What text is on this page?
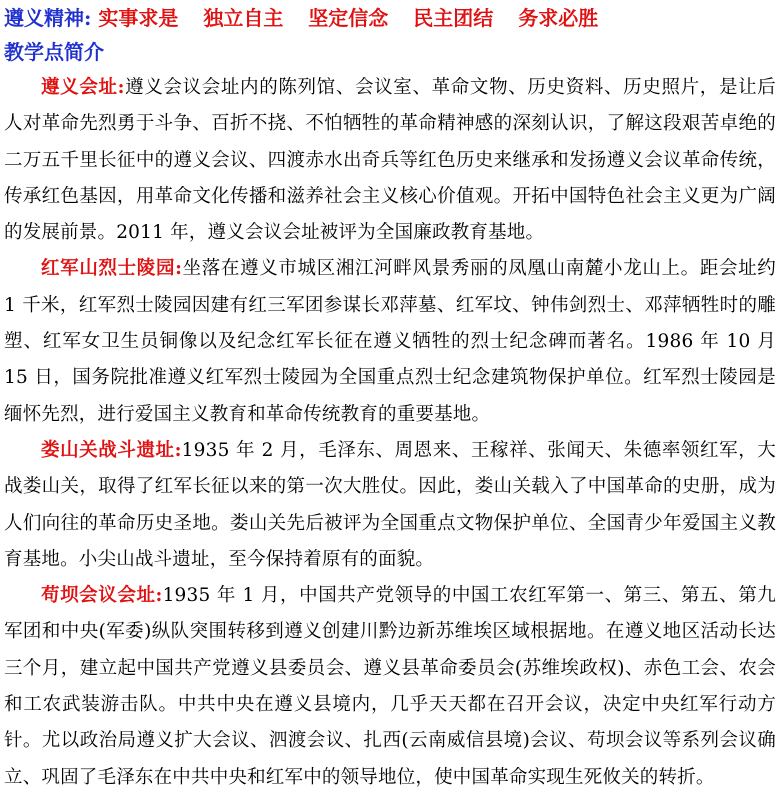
遵义精神: 实事求是 独立自主 坚定信念 民主团结 务求必胜
教学点简介

遵义会址:遵义会议会址内的陈列馆、会议室、革命文物、历史资料、历史照片，是让后人对革命先烈勇于斗争、百折不挠、不怕牺牲的革命精神感的深刻认识，了解这段艰苦卓绝的二万五千里长征中的遵义会议、四渡赤水出奇兵等红色历史来继承和发扬遵义会议革命传统，传承红色基因，用革命文化传播和滋养社会主义核心价值观。开拓中国特色社会主义更为广阔的发展前景。2011 年，遵义会议会址被评为全国廉政教育基地。

红军山烈士陵园:坐落在遵义市城区湘江河畔风景秀丽的凤凰山南麓小龙山上。距会址约 1 千米，红军烈士陵园因建有红三军团参谋长邓萍墓、红军坟、钟伟剑烈士、邓萍牺牲时的雕塑、红军女卫生员铜像以及纪念红军长征在遵义牺牲的烈士纪念碑而著名。1986 年 10 月 15 日，国务院批准遵义红军烈士陵园为全国重点烈士纪念建筑物保护单位。红军烈士陵园是缅怀先烈，进行爱国主义教育和革命传统教育的重要基地。

娄山关战斗遗址:1935 年 2 月，毛泽东、周恩来、王稼祥、张闻天、朱德率领红军，大战娄山关，取得了红军长征以来的第一次大胜仗。因此，娄山关载入了中国革命的史册，成为人们向往的革命历史圣地。娄山关先后被评为全国重点文物保护单位、全国青少年爱国主义教育基地。小尖山战斗遗址，至今保持着原有的面貌。

苟坝会议会址:1935 年 1 月，中国共产党领导的中国工农红军第一、第三、第五、第九军团和中央(军委)纵队突围转移到遵义创建川黔边新苏维埃区域根据地。在遵义地区活动长达三个月，建立起中国共产党遵义县委员会、遵义县革命委员会(苏维埃政权)、赤色工会、农会和工农武装游击队。中共中央在遵义县境内，几乎天天都在召开会议，决定中央红军行动方针。尤以政治局遵义扩大会议、泗渡会议、扎西(云南威信县境)会议、苟坝会议等系列会议确立、巩固了毛泽东在中共中央和红军中的领导地位，使中国革命实现生死攸关的转折。
